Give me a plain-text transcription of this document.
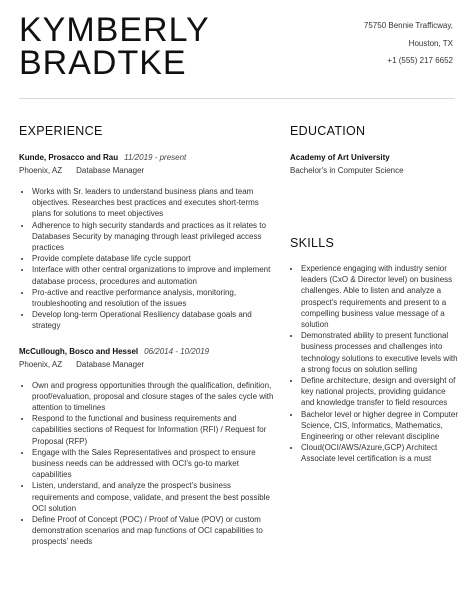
KYMBERLY
BRADTKE
75750 Bennie Trafficway,
Houston, TX
+1 (555) 217 6652
EXPERIENCE
Kunde, Prosacco and Rau 11/2019 - present
Phoenix, AZ Database Manager
• Works with Sr. leaders to understand business plans and team objectives. Researches best practices and executes short-terms plans for solutions to meet objectives
• Adherence to high security standards and practices as it relates to Databases Security by managing through least privileged access practices
• Provide complete database life cycle support
• Interface with other central organizations to improve and implement database process, procedures and automation
• Pro-active and reactive performance analysis, monitoring, troubleshooting and resolution of the issues
• Develop long-term Operational Resiliency database goals and strategy
McCullough, Bosco and Hessel 06/2014 - 10/2019
Phoenix, AZ Database Manager
• Own and progress opportunities through the qualification, definition, proof/evaluation, proposal and closure stages of the sales cycle with attention to timelines
• Respond to the functional and business requirements and capabilities sections of Request for Information (RFI) / Request for Proposal (RFP)
• Engage with the Sales Representatives and prospect to ensure business needs can be addressed with OCI's go-to market capabilities
• Listen, understand, and analyze the prospect's business requirements and compose, validate, and present the best possible OCI solution
• Define Proof of Concept (POC) / Proof of Value (POV) or custom demonstration scenarios and map functions of OCI capabilities to prospects' needs
EDUCATION
Academy of Art University
Bachelor's in Computer Science
SKILLS
• Experience engaging with industry senior leaders (CxO & Director level) on business challenges. Able to listen and analyze a prospect's requirements and present to a compelling business value message of a solution
• Demonstrated ability to present functional business processes and challenges into technology solutions to executive levels with a strong focus on solution selling
• Define architecture, design and oversight of key national projects, providing guidance and knowledge transfer to field resources
• Bachelor level or higher degree in Computer Science, CIS, Informatics, Mathematics, Engineering or other relevant discipline
• Cloud(OCI/AWS/Azure,GCP) Architect Associate level certification is a must
